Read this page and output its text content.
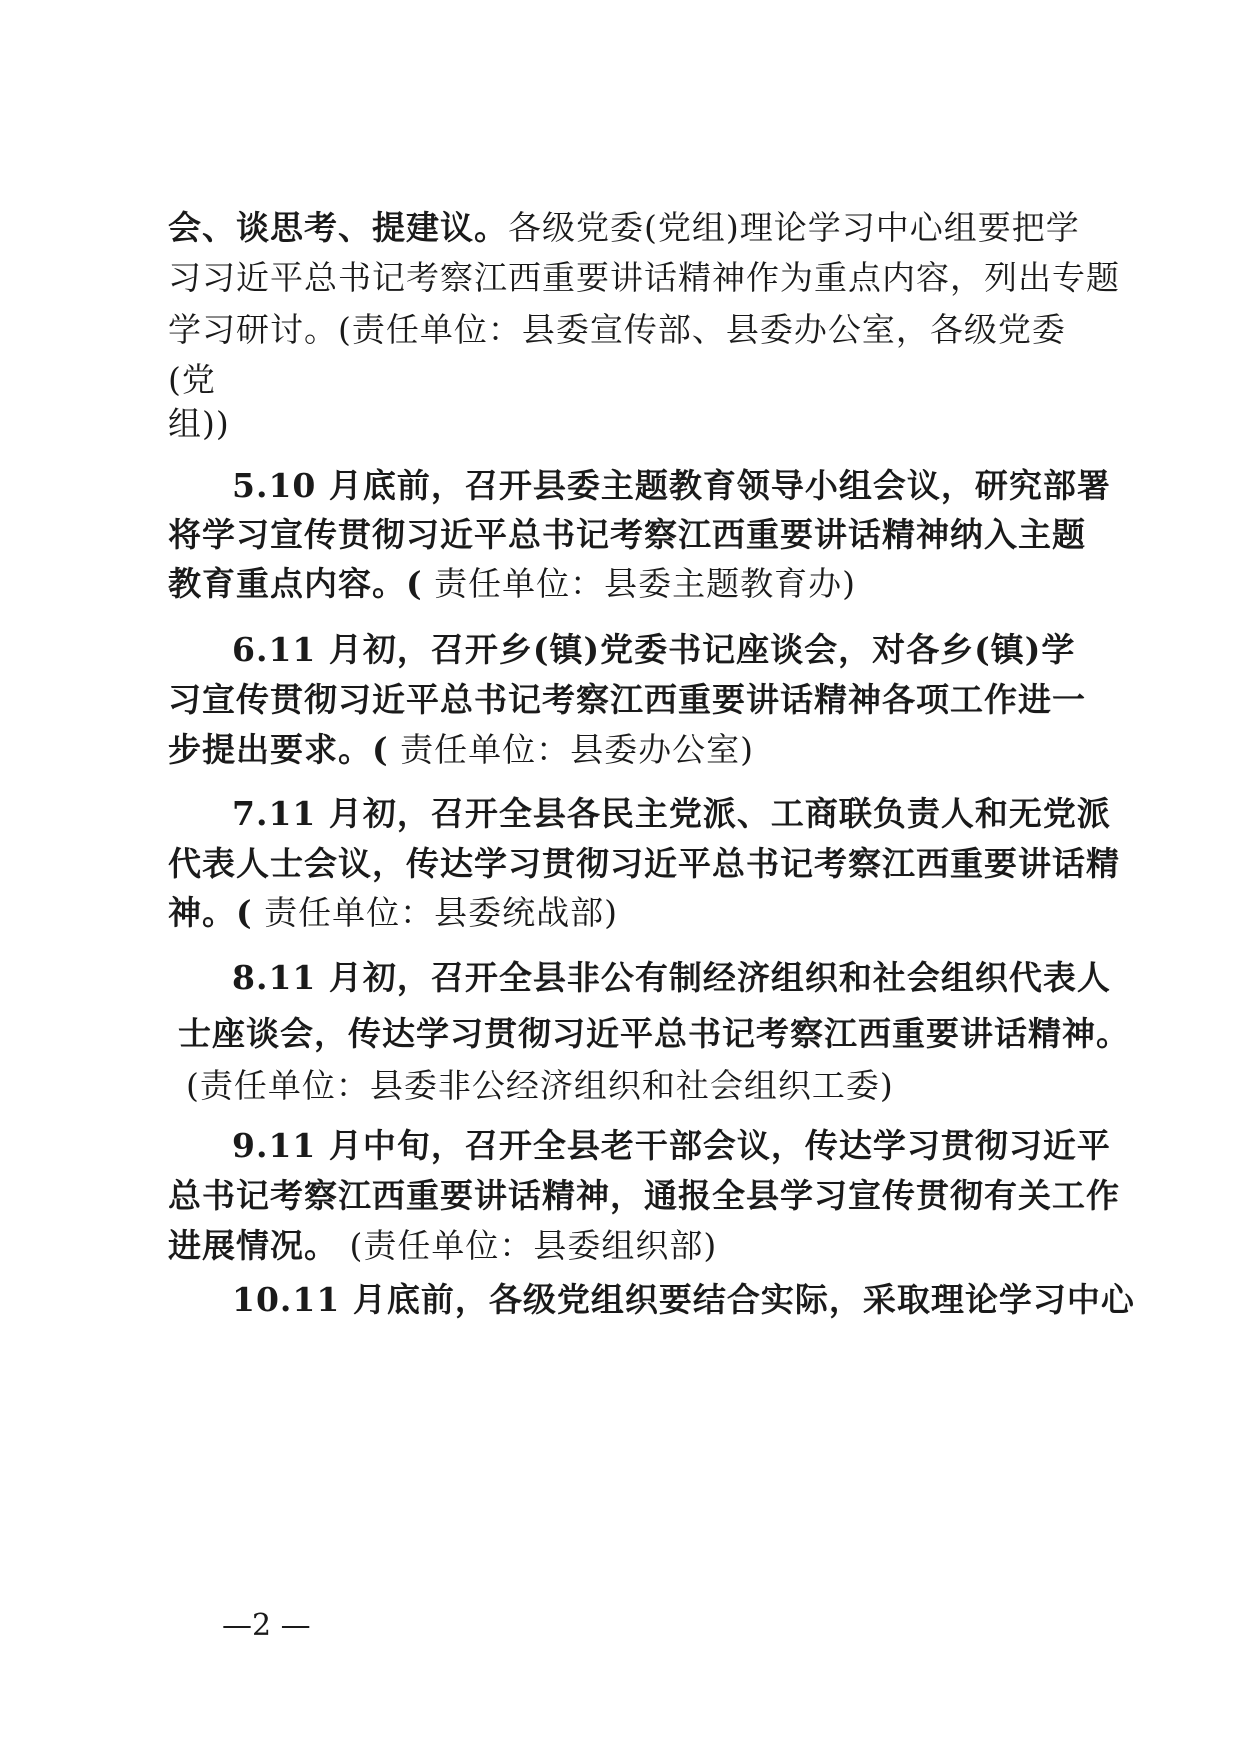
会、谈思考、提建议。各级党委(党组)理论学习中心组要把学
习习近平总书记考察江西重要讲话精神作为重点内容，列出专题
学习研讨。(责任单位：县委宣传部、县委办公室，各级党委
(党
组))
5.10 月底前，召开县委主题教育领导小组会议，研究部署
将学习宣传贯彻习近平总书记考察江西重要讲话精神纳入主题
教育重点内容。( 责任单位：县委主题教育办)
6.11 月初，召开乡(镇)党委书记座谈会，对各乡(镇)学
习宣传贯彻习近平总书记考察江西重要讲话精神各项工作进一
步提出要求。( 责任单位：县委办公室)
7.11 月初，召开全县各民主党派、工商联负责人和无党派
代表人士会议，传达学习贯彻习近平总书记考察江西重要讲话精
神。( 责任单位：县委统战部)
8.11 月初，召开全县非公有制经济组织和社会组织代表人
士座谈会，传达学习贯彻习近平总书记考察江西重要讲话精神。
(责任单位：县委非公经济组织和社会组织工委)
9.11 月中旬，召开全县老干部会议，传达学习贯彻习近平
总书记考察江西重要讲话精神，通报全县学习宣传贯彻有关工作
进展情况。 (责任单位：县委组织部)
10.11 月底前，各级党组织要结合实际，采取理论学习中心
—2 —
